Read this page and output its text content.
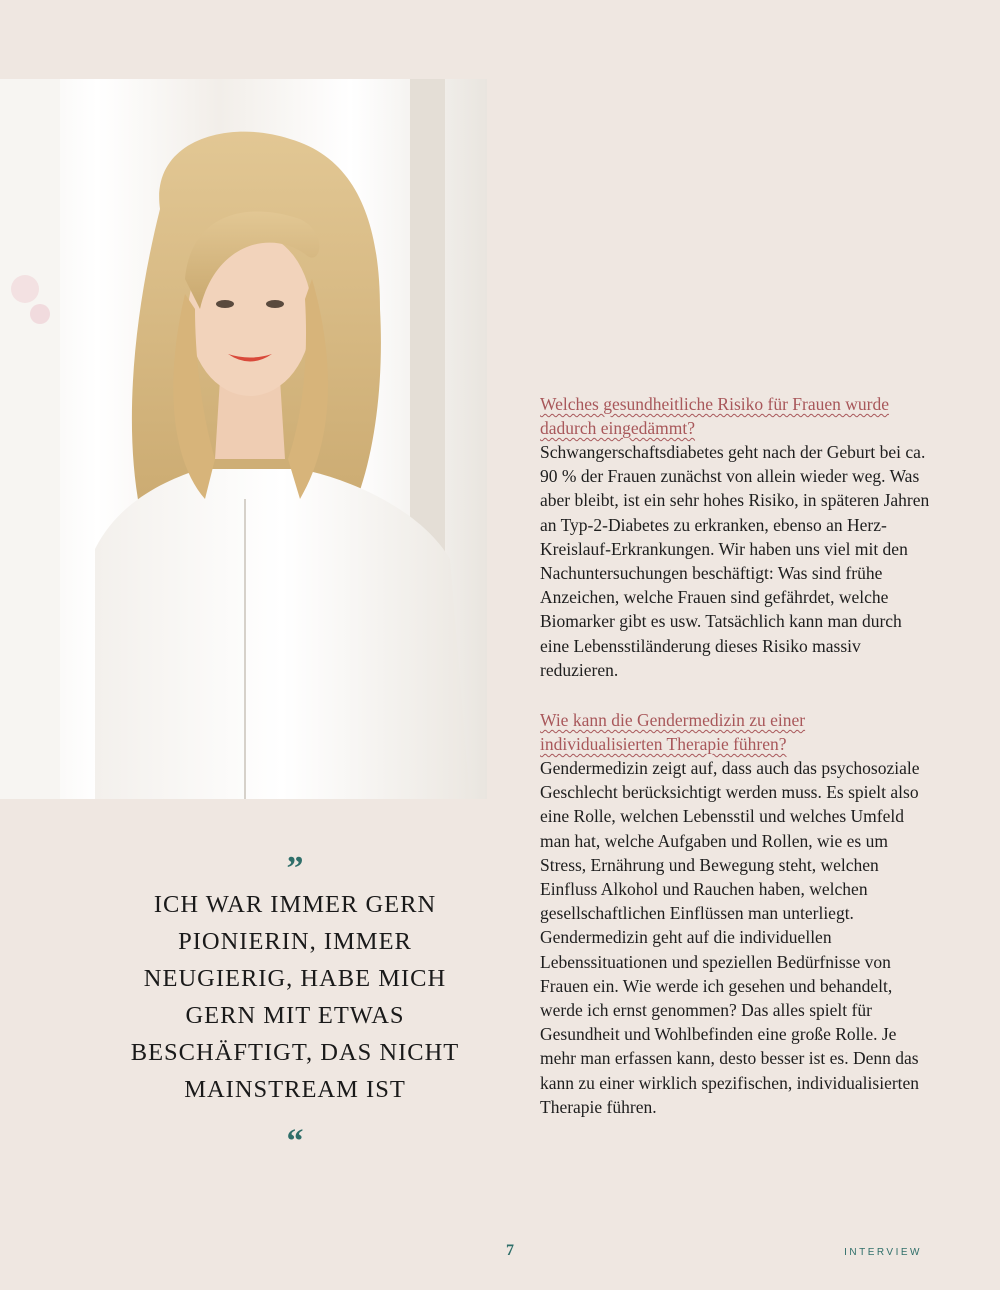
”
ICH WAR IMMER GERN PIONIERIN, IMMER NEUGIERIG, HABE MICH GERN MIT ETWAS BESCHÄFTIGT, DAS NICHT MAINSTREAM IST
“

Welches gesundheitliche Risiko für Frauen wurde dadurch eingedämmt?

Schwangerschaftsdiabetes geht nach der Geburt bei ca. 90 % der Frauen zunächst von allein wieder weg. Was aber bleibt, ist ein sehr hohes Risiko, in späteren Jahren an Typ-2-Diabetes zu erkranken, ebenso an Herz-Kreislauf-Erkrankungen. Wir haben uns viel mit den Nachuntersuchungen beschäftigt: Was sind frühe Anzeichen, welche Frauen sind gefährdet, welche Biomarker gibt es usw. Tatsächlich kann man durch eine Lebensstiländerung dieses Risiko massiv reduzieren.

Wie kann die Gendermedizin zu einer individualisierten Therapie führen?

Gendermedizin zeigt auf, dass auch das psychosoziale Geschlecht berücksichtigt werden muss. Es spielt also eine Rolle, welchen Lebensstil und welches Umfeld man hat, welche Aufgaben und Rollen, wie es um Stress, Ernährung und Bewegung steht, welchen Einfluss Alkohol und Rauchen haben, welchen gesellschaftlichen Einflüssen man unterliegt. Gendermedizin geht auf die individuellen Lebenssituationen und speziellen Bedürfnisse von Frauen ein. Wie werde ich gesehen und behandelt, werde ich ernst genommen? Das alles spielt für Gesundheit und Wohlbefinden eine große Rolle. Je mehr man erfassen kann, desto besser ist es. Denn das kann zu einer wirklich spezifischen, individualisierten Therapie führen.

7	INTERVIEW
